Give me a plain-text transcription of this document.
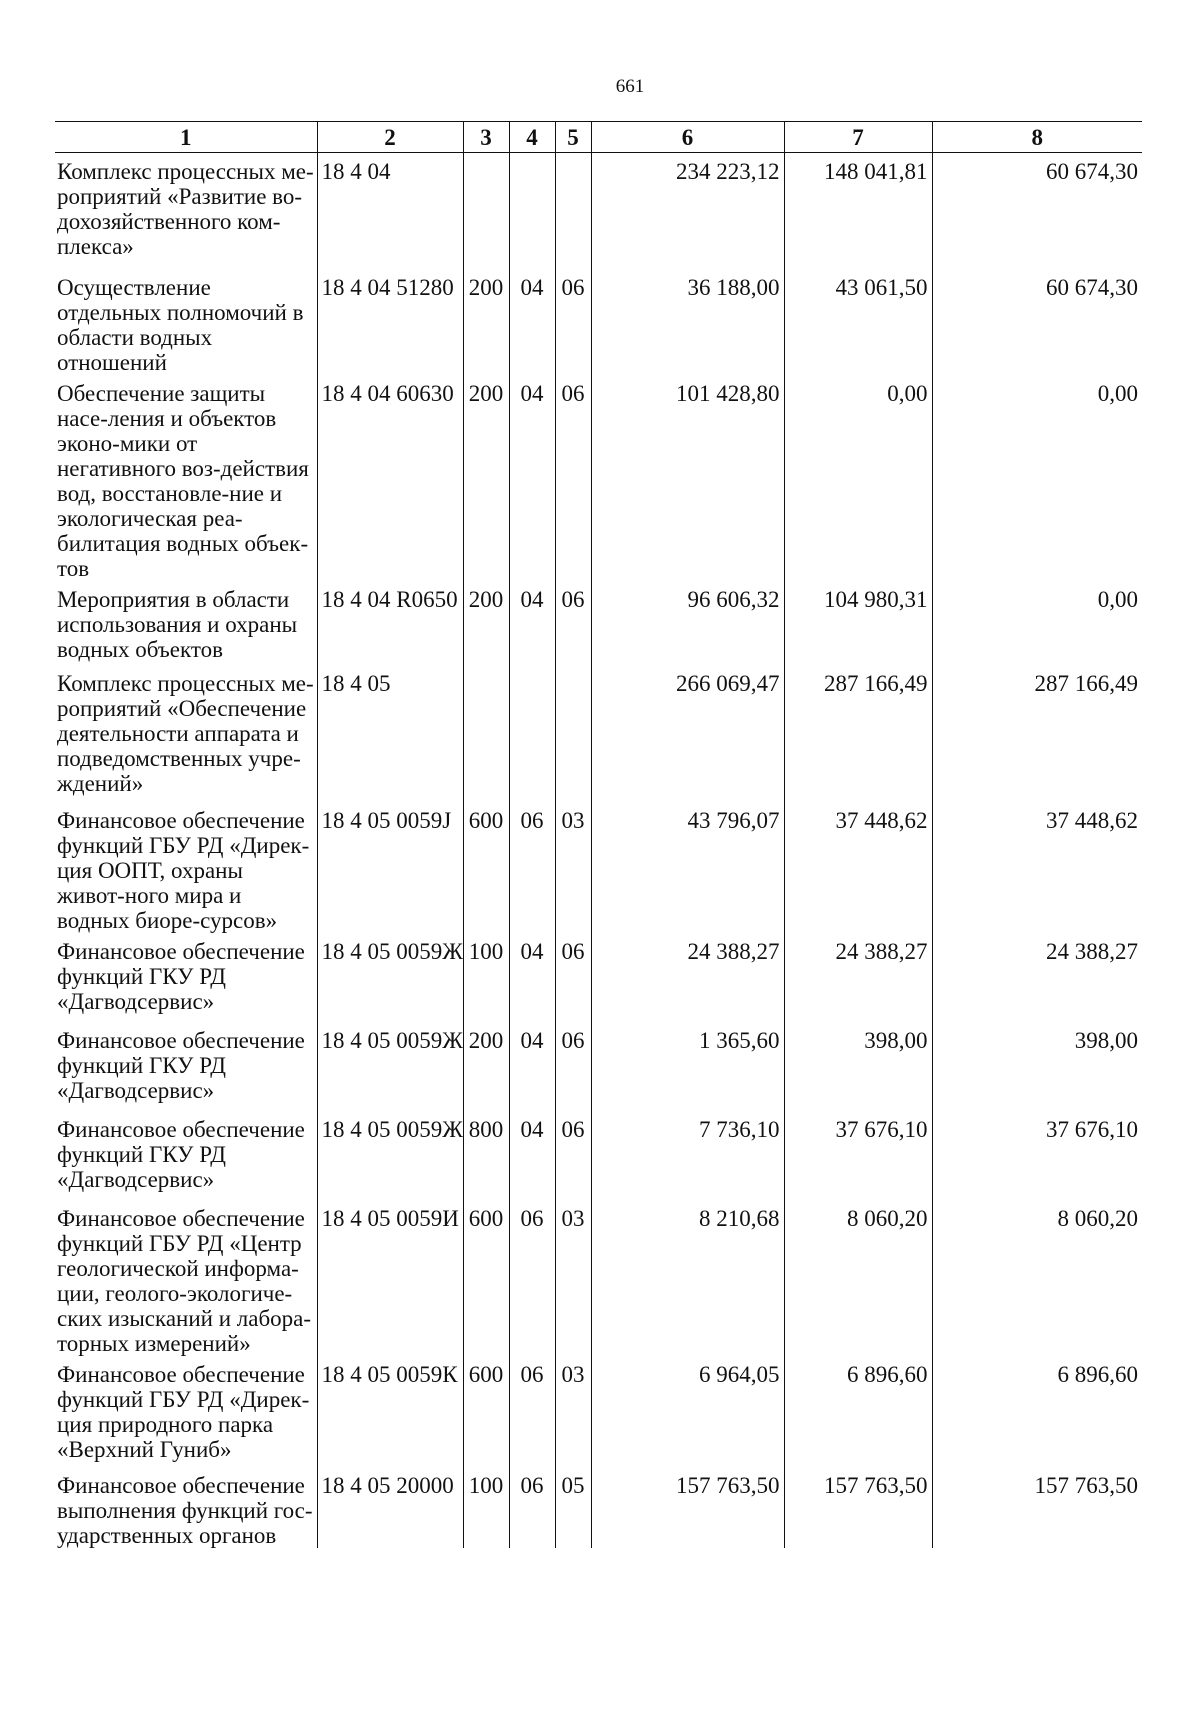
661
1	2	3	4	5	6	7	8
Комплекс процессных ме-роприятий «Развитие во-дохозяйственного ком-плекса»	18 4 04				234 223,12	148 041,81	60 674,30
Осуществление отдельных полномочий в области водных отношений	18 4 04 51280	200	04	06	36 188,00	43 061,50	60 674,30
Обеспечение защиты насе-ления и объектов эконо-мики от негативного воз-действия вод, восстановле-ние и экологическая реа-билитация водных объек-тов	18 4 04 60630	200	04	06	101 428,80	0,00	0,00
Мероприятия в области использования и охраны водных объектов	18 4 04 R0650	200	04	06	96 606,32	104 980,31	0,00
Комплекс процессных ме-роприятий «Обеспечение деятельности аппарата и подведомственных учре-ждений»	18 4 05				266 069,47	287 166,49	287 166,49
Финансовое обеспечение функций ГБУ РД «Дирек-ция ООПТ, охраны живот-ного мира и водных биоре-сурсов»	18 4 05 0059J	600	06	03	43 796,07	37 448,62	37 448,62
Финансовое обеспечение функций ГКУ РД «Дагводсервис»	18 4 05 0059Ж	100	04	06	24 388,27	24 388,27	24 388,27
Финансовое обеспечение функций ГКУ РД «Дагводсервис»	18 4 05 0059Ж	200	04	06	1 365,60	398,00	398,00
Финансовое обеспечение функций ГКУ РД «Дагводсервис»	18 4 05 0059Ж	800	04	06	7 736,10	37 676,10	37 676,10
Финансовое обеспечение функций ГБУ РД «Центр геологической информа-ции, геолого-экологиче-ских изысканий и лабора-торных измерений»	18 4 05 0059И	600	06	03	8 210,68	8 060,20	8 060,20
Финансовое обеспечение функций ГБУ РД «Дирек-ция природного парка «Верхний Гуниб»	18 4 05 0059К	600	06	03	6 964,05	6 896,60	6 896,60
Финансовое обеспечение выполнения функций гос-ударственных органов	18 4 05 20000	100	06	05	157 763,50	157 763,50	157 763,50
